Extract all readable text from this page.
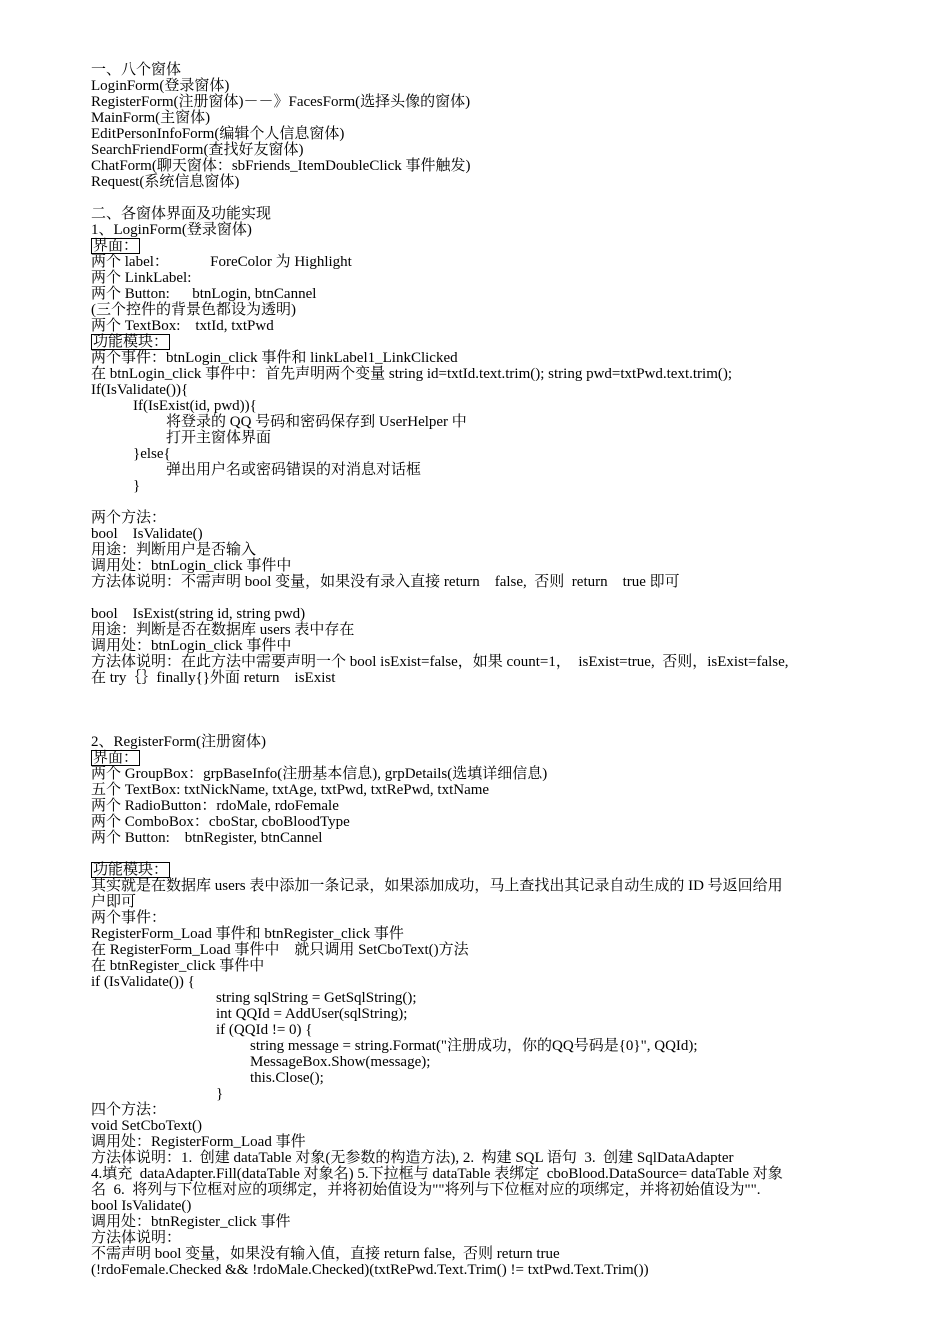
一、八个窗体
LoginForm(登录窗体)
RegisterForm(注册窗体)－－》FacesForm(选择头像的窗体)
MainForm(主窗体)
EditPersonInfoForm(编辑个人信息窗体)
SearchFriendForm(查找好友窗体)
ChatForm(聊天窗体：sbFriends_ItemDoubleClick 事件触发)
Request(系统信息窗体)
二、各窗体界面及功能实现
1、LoginForm(登录窗体)
界面：
两个 label：           ForeColor 为 Highlight
两个 LinkLabel:
两个 Button:      btnLogin, btnCannel
(三个控件的背景色都设为透明)
两个 TextBox:    txtId, txtPwd
功能模块：
两个事件：btnLogin_click 事件和 linkLabel1_LinkClicked
在 btnLogin_click 事件中：首先声明两个变量 string id=txtId.text.trim(); string pwd=txtPwd.text.trim();
If(IsValidate()){
If(IsExist(id, pwd)){
将登录的 QQ 号码和密码保存到 UserHelper 中
打开主窗体界面
}else{
弹出用户名或密码错误的对消息对话框
}
两个方法：
bool    IsValidate()
用途：判断用户是否输入
调用处：btnLogin_click 事件中
方法体说明：不需声明 bool 变量，如果没有录入直接 return    false,  否则  return    true 即可
bool    IsExist(string id, string pwd)
用途：判断是否在数据库 users 表中存在
调用处：btnLogin_click 事件中
方法体说明：在此方法中需要声明一个 bool isExist=false，如果 count=1，  isExist=true,  否则，isExist=false,
在 try｛｝finally{}外面 return    isExist
2、RegisterForm(注册窗体)
界面：
两个 GroupBox：grpBaseInfo(注册基本信息), grpDetails(选填详细信息)
五个 TextBox: txtNickName, txtAge, txtPwd, txtRePwd, txtName
两个 RadioButton：rdoMale, rdoFemale
两个 ComboBox：cboStar, cboBloodType
两个 Button:    btnRegister, btnCannel
功能模块：
其实就是在数据库 users 表中添加一条记录，如果添加成功，马上查找出其记录自动生成的 ID 号返回给用
户即可
两个事件：
RegisterForm_Load 事件和 btnRegister_click 事件
在 RegisterForm_Load 事件中    就只调用 SetCboText()方法
在 btnRegister_click 事件中
if (IsValidate()) {
string sqlString = GetSqlString();
int QQId = AddUser(sqlString);
if (QQId != 0) {
string message = string.Format("注册成功，你的QQ号码是{0}", QQId);
MessageBox.Show(message);
this.Close();
}
四个方法：
void SetCboText()
调用处：RegisterForm_Load 事件
方法体说明：1.  创建 dataTable 对象(无参数的构造方法), 2.  构建 SQL 语句  3.  创建 SqlDataAdapter
4.填充  dataAdapter.Fill(dataTable 对象名) 5.下拉框与 dataTable 表绑定  cboBlood.DataSource= dataTable 对象
名  6.  将列与下位框对应的项绑定，并将初始值设为""将列与下位框对应的项绑定，并将初始值设为"".
bool IsValidate()
调用处：btnRegister_click 事件
方法体说明：
不需声明 bool 变量，如果没有输入值，直接 return false,  否则 return true
(!rdoFemale.Checked && !rdoMale.Checked)(txtRePwd.Text.Trim() != txtPwd.Text.Trim())
